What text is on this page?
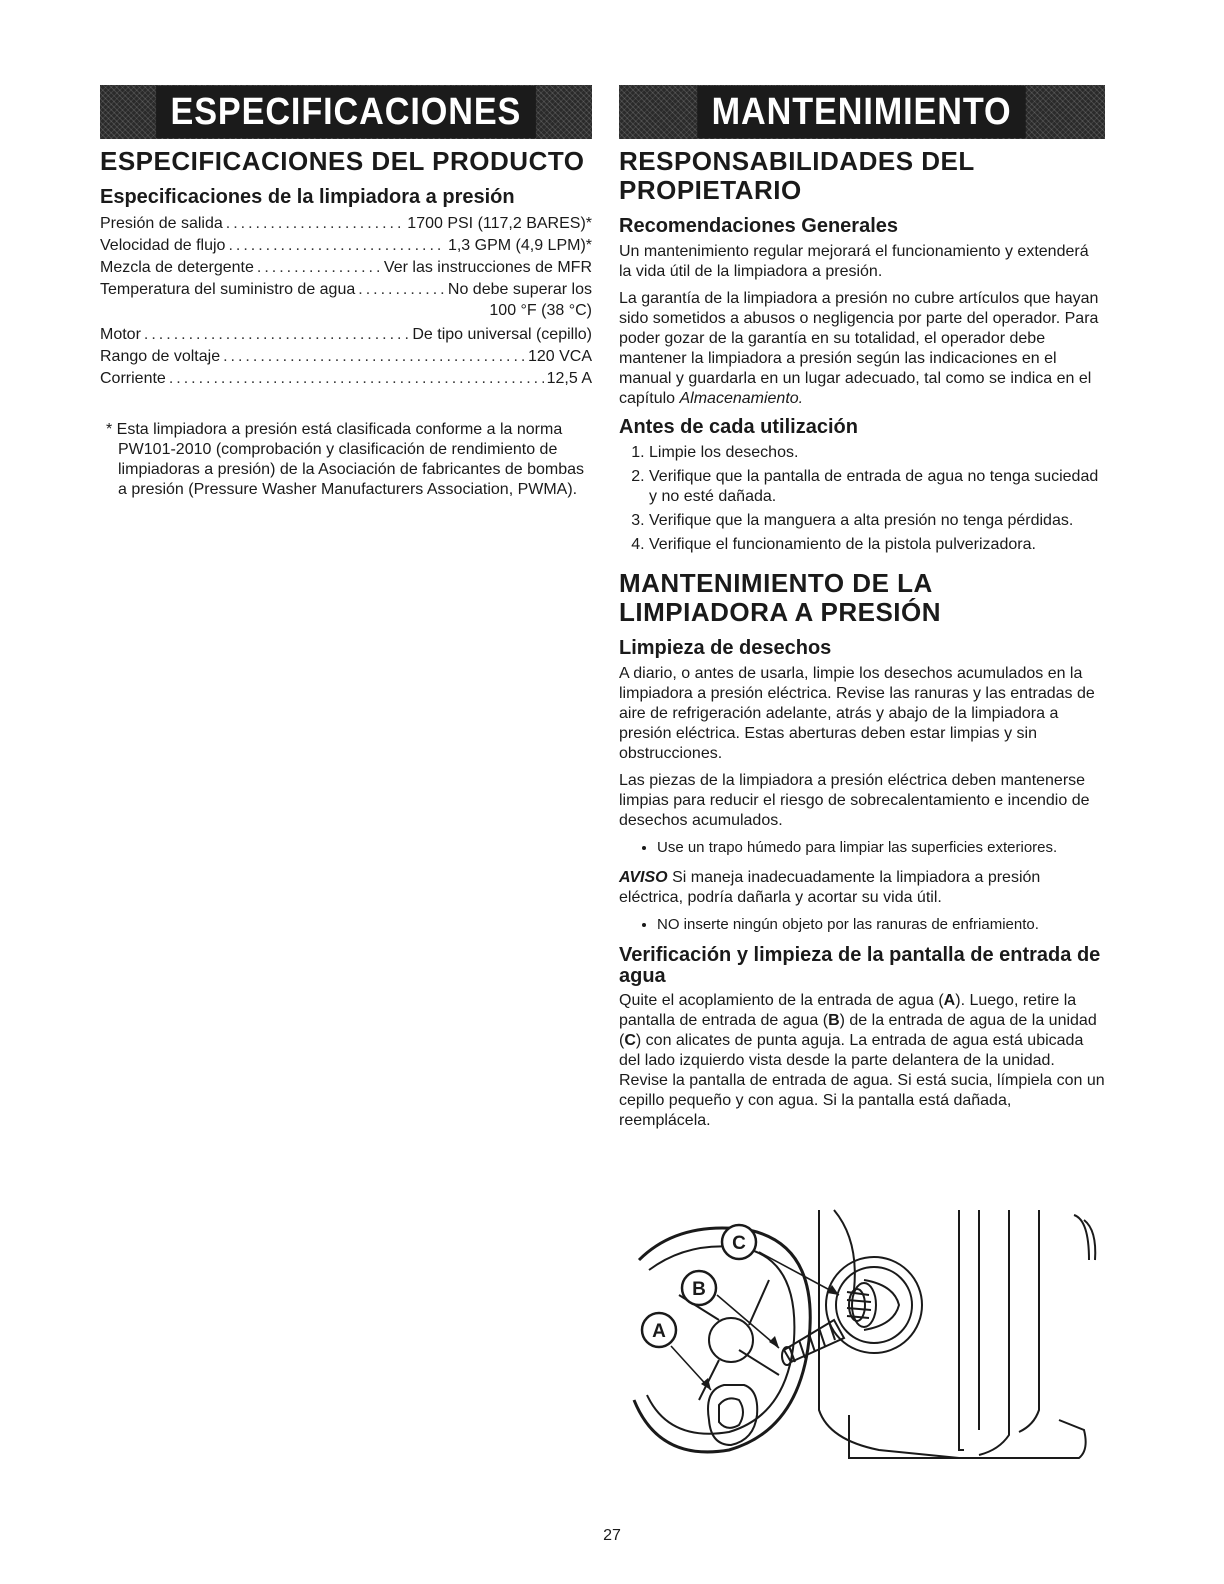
ESPECIFICACIONES
ESPECIFICACIONES DEL PRODUCTO
Especificaciones de la limpiadora a presión
Presión de salida .....	1700 PSI (117,2 BARES)*
Velocidad de flujo .....	1,3 GPM (4,9 LPM)*
Mezcla de detergente .....	Ver las instrucciones de MFR
Temperatura del suministro de agua .....	No debe superar los
100 °F (38 °C)
Motor .....	De tipo universal (cepillo)
Rango de voltaje .....	120 VCA
Corriente .....	12,5 A
* Esta limpiadora a presión está clasificada conforme a la norma PW101-2010 (comprobación y clasificación de rendimiento de limpiadoras a presión) de la Asociación de fabricantes de bombas a presión (Pressure Washer Manufacturers Association, PWMA).
MANTENIMIENTO
RESPONSABILIDADES DEL PROPIETARIO
Recomendaciones Generales

Un mantenimiento regular mejorará el funcionamiento y extenderá la vida útil de la limpiadora a presión.

La garantía de la limpiadora a presión no cubre artículos que hayan sido sometidos a abusos o negligencia por parte del operador. Para poder gozar de la garantía en su totalidad, el operador debe mantener la limpiadora a presión según las indicaciones en el manual y guardarla en un lugar adecuado, tal como se indica en el capítulo Almacenamiento.

Antes de cada utilización
1. Limpie los desechos.
2. Verifique que la pantalla de entrada de agua no tenga suciedad y no esté dañada.
3. Verifique que la manguera a alta presión no tenga pérdidas.
4. Verifique el funcionamiento de la pistola pulverizadora.
MANTENIMIENTO DE LA LIMPIADORA A PRESIÓN
Limpieza de desechos

A diario, o antes de usarla, limpie los desechos acumulados en la limpiadora a presión eléctrica. Revise las ranuras y las entradas de aire de refrigeración adelante, atrás y abajo de la limpiadora a presión eléctrica. Estas aberturas deben estar limpias y sin obstrucciones.

Las piezas de la limpiadora a presión eléctrica deben mantenerse limpias para reducir el riesgo de sobrecalentamiento e incendio de desechos acumulados.

• Use un trapo húmedo para limpiar las superficies exteriores.

AVISO Si maneja inadecuadamente la limpiadora a presión eléctrica, podría dañarla y acortar su vida útil.

• NO inserte ningún objeto por las ranuras de enfriamiento.
Verificación y limpieza de la pantalla de entrada de agua

Quite el acoplamiento de la entrada de agua (A). Luego, retire la pantalla de entrada de agua (B) de la entrada de agua de la unidad (C) con alicates de punta aguja. La entrada de agua está ubicada del lado izquierdo vista desde la parte delantera de la unidad. Revise la pantalla de entrada de agua. Si está sucia, límpiela con un cepillo pequeño y con agua. Si la pantalla está dañada, reemplácela.

C
B
A
27
